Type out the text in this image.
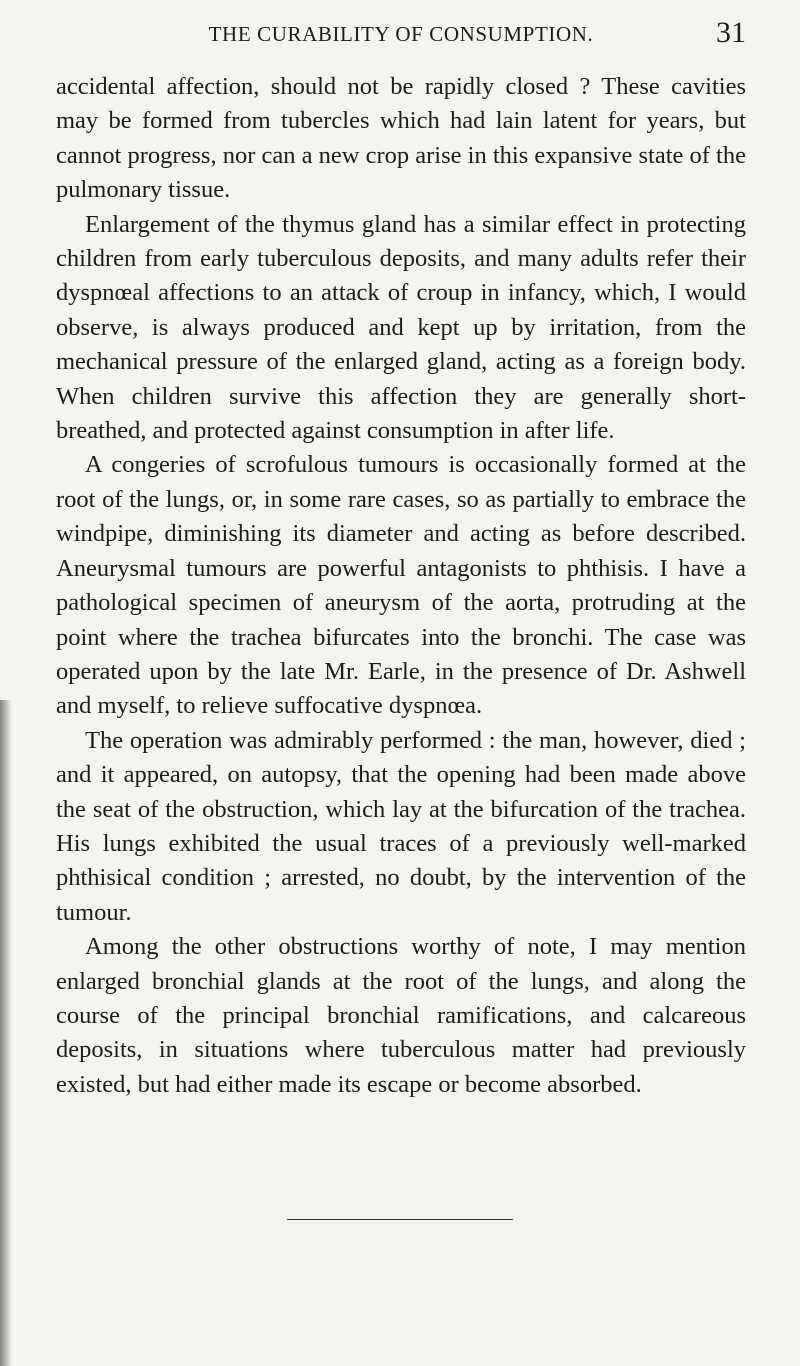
THE CURABILITY OF CONSUMPTION.	31

accidental affection, should not be rapidly closed ? These cavities may be formed from tubercles which had lain latent for years, but cannot progress, nor can a new crop arise in this expansive state of the pulmonary tissue.

Enlargement of the thymus gland has a similar effect in protecting children from early tuberculous deposits, and many adults refer their dyspnœal affections to an attack of croup in infancy, which, I would observe, is always produced and kept up by irritation, from the mechanical pressure of the enlarged gland, acting as a foreign body. When children survive this affection they are generally short-breathed, and protected against consumption in after life.

A congeries of scrofulous tumours is occasionally formed at the root of the lungs, or, in some rare cases, so as partially to embrace the windpipe, diminishing its diameter and acting as before described. Aneurysmal tumours are powerful antagonists to phthisis. I have a pathological specimen of aneurysm of the aorta, protruding at the point where the trachea bifurcates into the bronchi. The case was operated upon by the late Mr. Earle, in the presence of Dr. Ashwell and myself, to relieve suffocative dyspnœa.

The operation was admirably performed : the man, however, died ; and it appeared, on autopsy, that the opening had been made above the seat of the obstruction, which lay at the bifurcation of the trachea. His lungs exhibited the usual traces of a previously well-marked phthisical condition ; arrested, no doubt, by the intervention of the tumour.

Among the other obstructions worthy of note, I may mention enlarged bronchial glands at the root of the lungs, and along the course of the principal bronchial ramifications, and calcareous deposits, in situations where tuberculous matter had previously existed, but had either made its escape or become absorbed.
